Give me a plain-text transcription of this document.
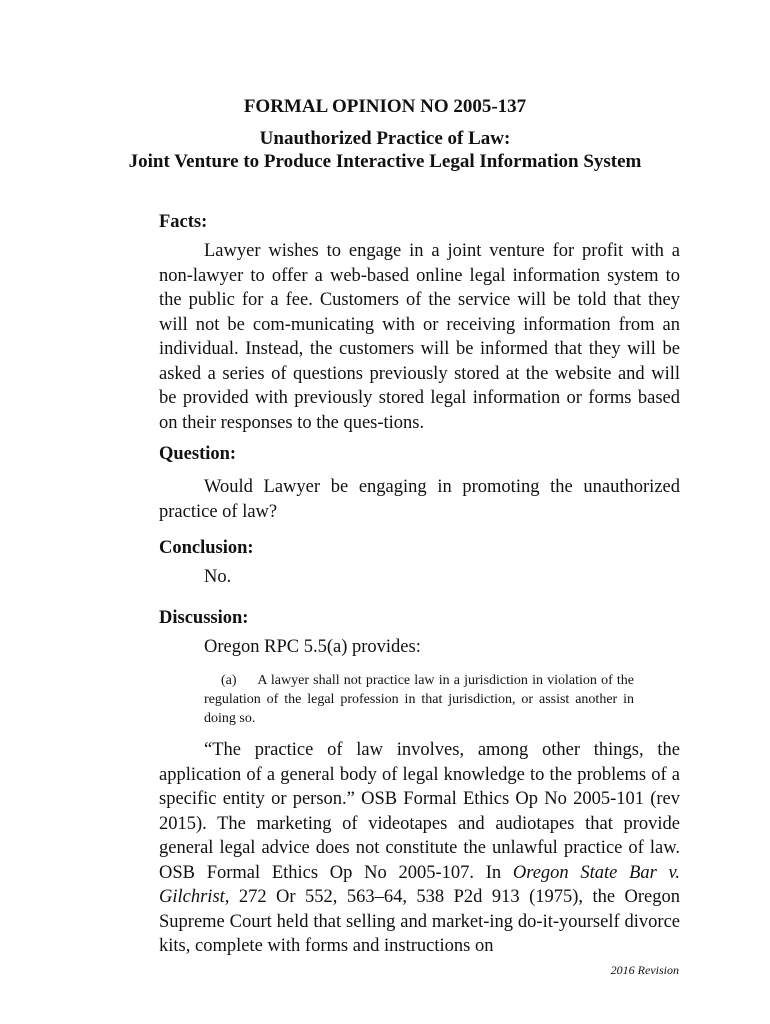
FORMAL OPINION NO 2005-137
Unauthorized Practice of Law:
Joint Venture to Produce Interactive Legal Information System
Facts:

Lawyer wishes to engage in a joint venture for profit with a non-lawyer to offer a web-based online legal information system to the public for a fee. Customers of the service will be told that they will not be com-municating with or receiving information from an individual. Instead, the customers will be informed that they will be asked a series of questions previously stored at the website and will be provided with previously stored legal information or forms based on their responses to the ques-tions.

Question:

Would Lawyer be engaging in promoting the unauthorized practice of law?

Conclusion:
No.
Discussion:
Oregon RPC 5.5(a) provides:

(a) A lawyer shall not practice law in a jurisdiction in violation of the regulation of the legal profession in that jurisdiction, or assist another in doing so.

“The practice of law involves, among other things, the application of a general body of legal knowledge to the problems of a specific entity or person.” OSB Formal Ethics Op No 2005-101 (rev 2015). The marketing of videotapes and audiotapes that provide general legal advice does not constitute the unlawful practice of law. OSB Formal Ethics Op No 2005-107. In Oregon State Bar v. Gilchrist, 272 Or 552, 563–64, 538 P2d 913 (1975), the Oregon Supreme Court held that selling and market-ing do-it-yourself divorce kits, complete with forms and instructions on

2016 Revision
